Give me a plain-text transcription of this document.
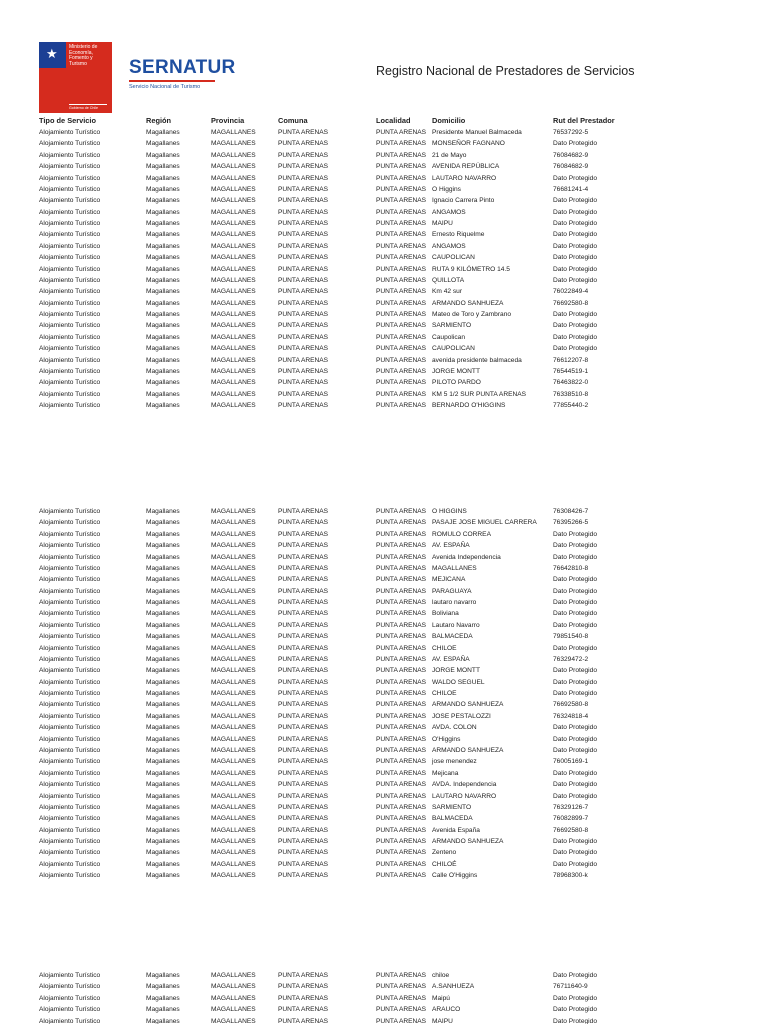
★ Ministerio de Economía, Fomento y Turismo
Gobierno de Chile
SERNATUR
Servicio Nacional de Turismo
Registro Nacional de Prestadores de Servicios
Tipo de Servicio	Región	Provincia	Comuna	Localidad	Domicilio	Rut del Prestador
Alojamiento Turístico	Magallanes	MAGALLANES	PUNTA ARENAS	PUNTA ARENAS Presidente Manuel Balmaceda	76537292-5
Alojamiento Turístico	Magallanes	MAGALLANES	PUNTA ARENAS	PUNTA ARENAS MONSEÑOR FAGNANO	Dato Protegido
Alojamiento Turístico	Magallanes	MAGALLANES	PUNTA ARENAS	PUNTA ARENAS 21 de Mayo	76084682-9
Alojamiento Turístico	Magallanes	MAGALLANES	PUNTA ARENAS	PUNTA ARENAS AVENIDA REPÚBLICA	76084682-9
Alojamiento Turístico	Magallanes	MAGALLANES	PUNTA ARENAS	PUNTA ARENAS LAUTARO NAVARRO	Dato Protegido
Alojamiento Turístico	Magallanes	MAGALLANES	PUNTA ARENAS	PUNTA ARENAS O Higgins	76681241-4
Alojamiento Turístico	Magallanes	MAGALLANES	PUNTA ARENAS	PUNTA ARENAS Ignacio Carrera Pinto	Dato Protegido
Alojamiento Turístico	Magallanes	MAGALLANES	PUNTA ARENAS	PUNTA ARENAS ANGAMOS	Dato Protegido
Alojamiento Turístico	Magallanes	MAGALLANES	PUNTA ARENAS	PUNTA ARENAS MAIPU	Dato Protegido
Alojamiento Turístico	Magallanes	MAGALLANES	PUNTA ARENAS	PUNTA ARENAS Ernesto Riquelme	Dato Protegido
Alojamiento Turístico	Magallanes	MAGALLANES	PUNTA ARENAS	PUNTA ARENAS ANGAMOS	Dato Protegido
Alojamiento Turístico	Magallanes	MAGALLANES	PUNTA ARENAS	PUNTA ARENAS CAUPOLICAN	Dato Protegido
Alojamiento Turístico	Magallanes	MAGALLANES	PUNTA ARENAS	PUNTA ARENAS RUTA 9 KILÓMETRO 14.5	Dato Protegido
Alojamiento Turístico	Magallanes	MAGALLANES	PUNTA ARENAS	PUNTA ARENAS QUILLOTA	Dato Protegido
Alojamiento Turístico	Magallanes	MAGALLANES	PUNTA ARENAS	PUNTA ARENAS Km 42 sur	76022849-4
Alojamiento Turístico	Magallanes	MAGALLANES	PUNTA ARENAS	PUNTA ARENAS ARMANDO SANHUEZA	76692580-8
Alojamiento Turístico	Magallanes	MAGALLANES	PUNTA ARENAS	PUNTA ARENAS Mateo de Toro y Zambrano	Dato Protegido
Alojamiento Turístico	Magallanes	MAGALLANES	PUNTA ARENAS	PUNTA ARENAS SARMIENTO	Dato Protegido
Alojamiento Turístico	Magallanes	MAGALLANES	PUNTA ARENAS	PUNTA ARENAS Caupolican	Dato Protegido
Alojamiento Turístico	Magallanes	MAGALLANES	PUNTA ARENAS	PUNTA ARENAS CAUPOLICAN	Dato Protegido
Alojamiento Turístico	Magallanes	MAGALLANES	PUNTA ARENAS	PUNTA ARENAS avenida presidente balmaceda	76612207-8
Alojamiento Turístico	Magallanes	MAGALLANES	PUNTA ARENAS	PUNTA ARENAS JORGE MONTT	76544519-1
Alojamiento Turístico	Magallanes	MAGALLANES	PUNTA ARENAS	PUNTA ARENAS PILOTO PARDO	76463822-0
Alojamiento Turístico	Magallanes	MAGALLANES	PUNTA ARENAS	PUNTA ARENAS KM 5 1/2 SUR PUNTA ARENAS	76338510-8
Alojamiento Turístico	Magallanes	MAGALLANES	PUNTA ARENAS	PUNTA ARENAS BERNARDO O'HIGGINS	77855440-2
Alojamiento Turístico	Magallanes	MAGALLANES	PUNTA ARENAS	PUNTA ARENAS O HIGGINS	76308426-7
Alojamiento Turístico	Magallanes	MAGALLANES	PUNTA ARENAS	PUNTA ARENAS PASAJE JOSE MIGUEL CARRERA 76395266-5
Alojamiento Turístico	Magallanes	MAGALLANES	PUNTA ARENAS	PUNTA ARENAS ROMULO CORREA	Dato Protegido
Alojamiento Turístico	Magallanes	MAGALLANES	PUNTA ARENAS	PUNTA ARENAS AV. ESPAÑA	Dato Protegido
Alojamiento Turístico	Magallanes	MAGALLANES	PUNTA ARENAS	PUNTA ARENAS Avenida Independencia	Dato Protegido
Alojamiento Turístico	Magallanes	MAGALLANES	PUNTA ARENAS	PUNTA ARENAS MAGALLANES	76642810-8
Alojamiento Turístico	Magallanes	MAGALLANES	PUNTA ARENAS	PUNTA ARENAS MEJICANA	Dato Protegido
Alojamiento Turístico	Magallanes	MAGALLANES	PUNTA ARENAS	PUNTA ARENAS PARAGUAYA	Dato Protegido
Alojamiento Turístico	Magallanes	MAGALLANES	PUNTA ARENAS	PUNTA ARENAS lautaro navarro	Dato Protegido
Alojamiento Turístico	Magallanes	MAGALLANES	PUNTA ARENAS	PUNTA ARENAS Boliviana	Dato Protegido
Alojamiento Turístico	Magallanes	MAGALLANES	PUNTA ARENAS	PUNTA ARENAS Lautaro Navarro	Dato Protegido
Alojamiento Turístico	Magallanes	MAGALLANES	PUNTA ARENAS	PUNTA ARENAS BALMACEDA	79851540-8
Alojamiento Turístico	Magallanes	MAGALLANES	PUNTA ARENAS	PUNTA ARENAS CHILOE	Dato Protegido
Alojamiento Turístico	Magallanes	MAGALLANES	PUNTA ARENAS	PUNTA ARENAS AV. ESPAÑA	76329472-2
Alojamiento Turístico	Magallanes	MAGALLANES	PUNTA ARENAS	PUNTA ARENAS JORGE MONTT	Dato Protegido
Alojamiento Turístico	Magallanes	MAGALLANES	PUNTA ARENAS	PUNTA ARENAS WALDO SEGUEL	Dato Protegido
Alojamiento Turístico	Magallanes	MAGALLANES	PUNTA ARENAS	PUNTA ARENAS CHILOE	Dato Protegido
Alojamiento Turístico	Magallanes	MAGALLANES	PUNTA ARENAS	PUNTA ARENAS ARMANDO SANHUEZA	76692580-8
Alojamiento Turístico	Magallanes	MAGALLANES	PUNTA ARENAS	PUNTA ARENAS JOSE PESTALOZZI	76324818-4
Alojamiento Turístico	Magallanes	MAGALLANES	PUNTA ARENAS	PUNTA ARENAS AVDA. COLON	Dato Protegido
Alojamiento Turístico	Magallanes	MAGALLANES	PUNTA ARENAS	PUNTA ARENAS O'Higgins	Dato Protegido
Alojamiento Turístico	Magallanes	MAGALLANES	PUNTA ARENAS	PUNTA ARENAS ARMANDO SANHUEZA	Dato Protegido
Alojamiento Turístico	Magallanes	MAGALLANES	PUNTA ARENAS	PUNTA ARENAS jose menendez	76005169-1
Alojamiento Turístico	Magallanes	MAGALLANES	PUNTA ARENAS	PUNTA ARENAS Mejicana	Dato Protegido
Alojamiento Turístico	Magallanes	MAGALLANES	PUNTA ARENAS	PUNTA ARENAS AVDA. Independencia	Dato Protegido
Alojamiento Turístico	Magallanes	MAGALLANES	PUNTA ARENAS	PUNTA ARENAS LAUTARO NAVARRO	Dato Protegido
Alojamiento Turístico	Magallanes	MAGALLANES	PUNTA ARENAS	PUNTA ARENAS SARMIENTO	76329126-7
Alojamiento Turístico	Magallanes	MAGALLANES	PUNTA ARENAS	PUNTA ARENAS BALMACEDA	76082899-7
Alojamiento Turístico	Magallanes	MAGALLANES	PUNTA ARENAS	PUNTA ARENAS Avenida España	76692580-8
Alojamiento Turístico	Magallanes	MAGALLANES	PUNTA ARENAS	PUNTA ARENAS ARMANDO SANHUEZA	Dato Protegido
Alojamiento Turístico	Magallanes	MAGALLANES	PUNTA ARENAS	PUNTA ARENAS Zenteno	Dato Protegido
Alojamiento Turístico	Magallanes	MAGALLANES	PUNTA ARENAS	PUNTA ARENAS CHILOÉ	Dato Protegido
Alojamiento Turístico	Magallanes	MAGALLANES	PUNTA ARENAS	PUNTA ARENAS Calle O'Higgins	78968300-k
Alojamiento Turístico	Magallanes	MAGALLANES	PUNTA ARENAS	PUNTA ARENAS chiloe	Dato Protegido
Alojamiento Turístico	Magallanes	MAGALLANES	PUNTA ARENAS	PUNTA ARENAS A.SANHUEZA	76711640-9
Alojamiento Turístico	Magallanes	MAGALLANES	PUNTA ARENAS	PUNTA ARENAS Maipú	Dato Protegido
Alojamiento Turístico	Magallanes	MAGALLANES	PUNTA ARENAS	PUNTA ARENAS ARAUCO	Dato Protegido
Alojamiento Turístico	Magallanes	MAGALLANES	PUNTA ARENAS	PUNTA ARENAS MAIPU	Dato Protegido
